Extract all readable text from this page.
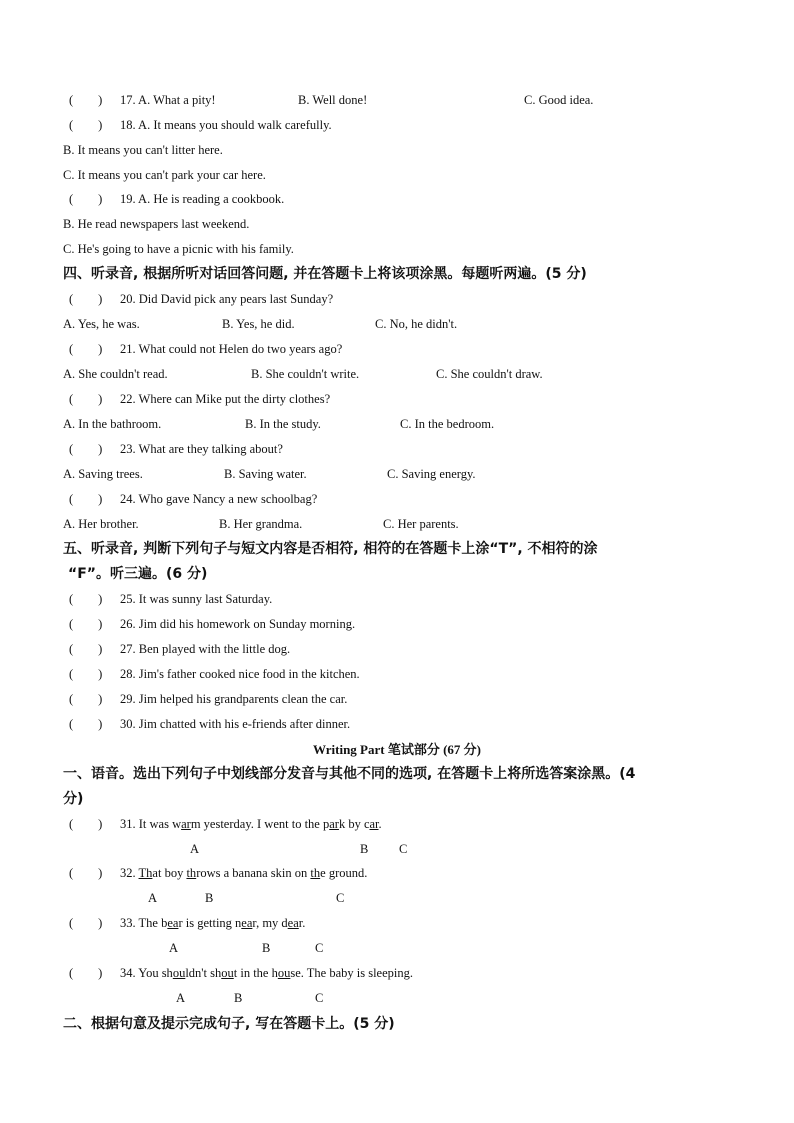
(　　) 17. A. What a pity!	B. Well done!	C. Good idea.
(　　) 18. A. It means you should walk carefully.
B. It means you can't litter here.
C. It means you can't park your car here.
(　　) 19. A. He is reading a cookbook.
B. He read newspapers last weekend.
C. He's going to have a picnic with his family.
四、听录音, 根据所听对话回答问题, 并在答题卡上将该项涂黑。每题听两遍。(5 分)
(　　) 20. Did David pick any pears last Sunday?
A. Yes, he was.	B. Yes, he did.	C. No, he didn't.
(　　) 21. What could not Helen do two years ago?
A. She couldn't read.	B. She couldn't write.	C. She couldn't draw.
(　　) 22. Where can Mike put the dirty clothes?
A. In the bathroom.	B. In the study.	C. In the bedroom.
(　　) 23. What are they talking about?
A. Saving trees.	B. Saving water.	C. Saving energy.
(　　) 24. Who gave Nancy a new schoolbag?
A. Her brother.	B. Her grandma.	C. Her parents.
五、听录音, 判断下列句子与短文内容是否相符, 相符的在答题卡上涂“T”, 不相符的涂
“F”。听三遍。(6 分)
(　　) 25. It was sunny last Saturday.
(　　) 26. Jim did his homework on Sunday morning.
(　　) 27. Ben played with the little dog.
(　　) 28. Jim's father cooked nice food in the kitchen.
(　　) 29. Jim helped his grandparents clean the car.
(　　) 30. Jim chatted with his e-friends after dinner.
Writing Part 笔试部分 (67 分)
一、语音。选出下列句子中划线部分发音与其他不同的选项, 在答题卡上将所选答案涂黑。(4
分)
(　　) 31. It was warm yesterday. I went to the park by car.
A	B C
(　　) 32. That boy throws a banana skin on the ground.
A	B	C
(　　) 33. The bear is getting near, my dear.
A	B	C
(　　) 34. You shouldn't shout in the house. The baby is sleeping.
A	B	C
二、根据句意及提示完成句子, 写在答题卡上。(5 分)
